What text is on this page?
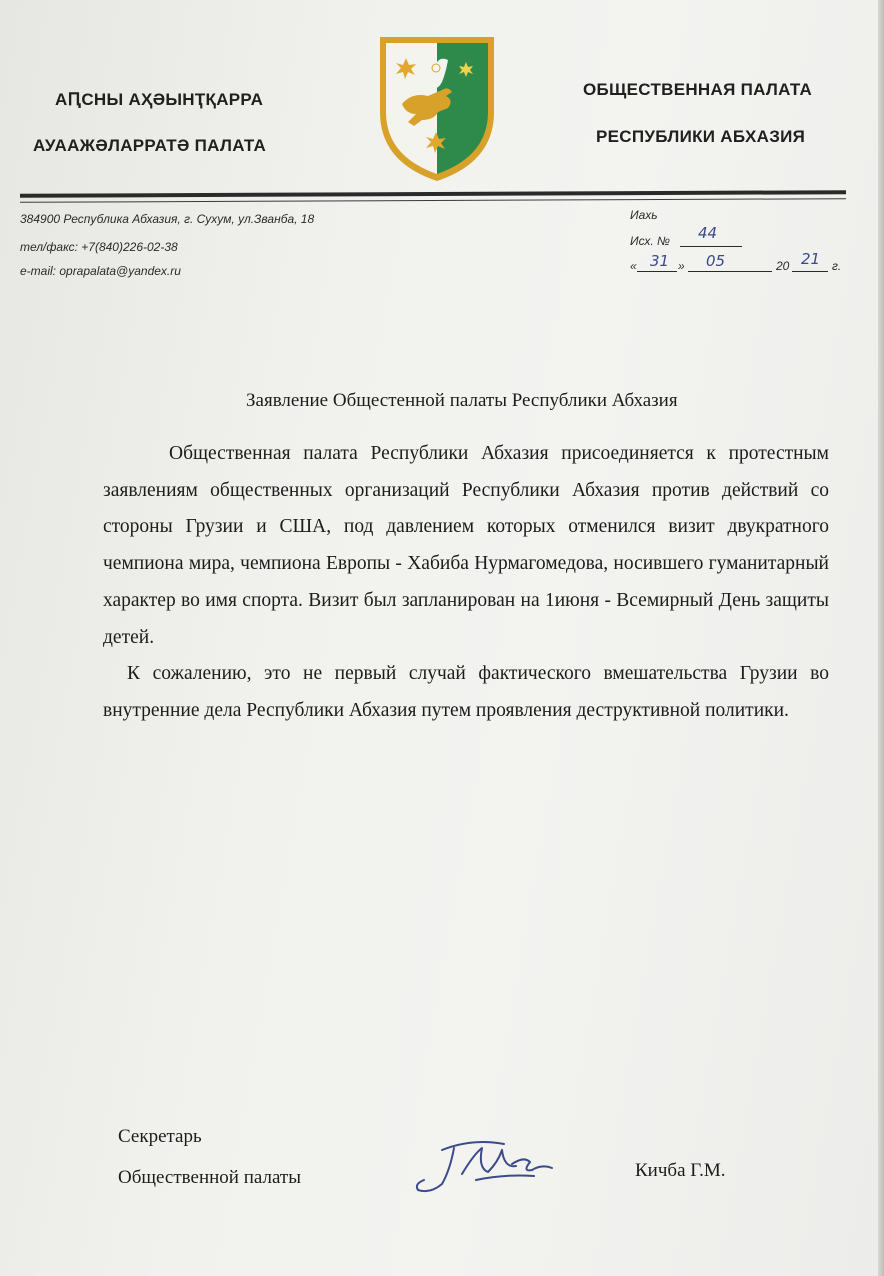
АԤСНЫ АҲӘЫНҬҚАРРА
АУААЖӘЛАРРАТӘ ПАЛАТА
ОБЩЕСТВЕННАЯ ПАЛАТА
РЕСПУБЛИКИ АБХАЗИЯ
384900 Республика Абхазия, г. Сухум, ул.Званба, 18
тел/факс: +7(840)226-02-38
e-mail: oprapalata@yandex.ru
Иахь
Исх. № 44
« 31 » 05	20 21 г.
Заявление Общестенной палаты Республики Абхазия

Общественная палата Республики Абхазия присоединяется к протестным заявлениям общественных организаций Республики Абхазия против действий со стороны Грузии и США, под давлением которых отменился визит двукратного чемпиона мира, чемпиона Европы - Хабиба Нурмагомедова, носившего гуманитарный характер во имя спорта. Визит был запланирован на 1июня - Всемирный День защиты детей.

К сожалению, это не первый случай фактического вмешательства Грузии во внутренние дела Республики Абхазия путем проявления деструктивной политики.

Секретарь
Общественной палаты	Кичба Г.М.
